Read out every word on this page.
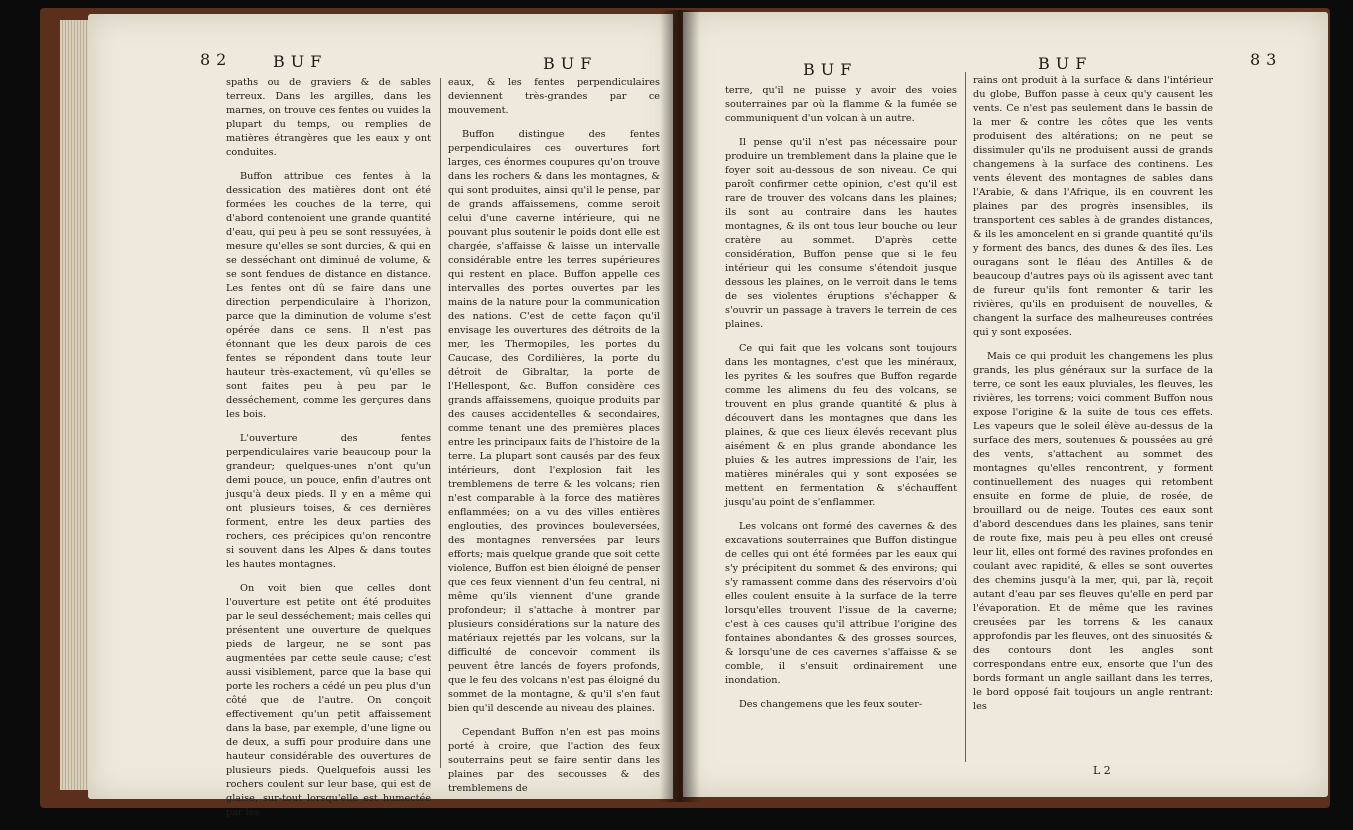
82	BUF	BUF

spaths ou de graviers & de sables terreux. Dans les argilles, dans les marnes, on trouve ces fentes ou vuides la plupart du temps, ou remplies de matières étrangères que les eaux y ont conduites.

Buffon attribue ces fentes à la dessication des matières dont ont été formées les couches de la terre, qui d'abord contenoient une grande quantité d'eau, qui peu à peu se sont ressuyées, à mesure qu'elles se sont durcies, & qui en se desséchant ont diminué de volume, & se sont fendues de distance en distance. Les fentes ont dû se faire dans une direction perpendiculaire à l'horizon, parce que la diminution de volume s'est opérée dans ce sens. Il n'est pas étonnant que les deux parois de ces fentes se répondent dans toute leur hauteur très-exactement, vû qu'elles se sont faites peu à peu par le desséchement, comme les gerçures dans les bois.

L'ouverture des fentes perpendiculaires varie beaucoup pour la grandeur; quelques-unes n'ont qu'un demi pouce, un pouce, enfin d'autres ont jusqu'à deux pieds. Il y en a même qui ont plusieurs toises, & ces dernières forment, entre les deux parties des rochers, ces précipices qu'on rencontre si souvent dans les Alpes & dans toutes les hautes montagnes.

On voit bien que celles dont l'ouverture est petite ont été produites par le seul desséchement; mais celles qui présentent une ouverture de quelques pieds de largeur, ne se sont pas augmentées par cette seule cause; c'est aussi visiblement, parce que la base qui porte les rochers a cédé un peu plus d'un côté que de l'autre. On conçoit effectivement qu'un petit affaissement dans la base, par exemple, d'une ligne ou de deux, a suffi pour produire dans une hauteur considérable des ouvertures de plusieurs pieds. Quelquefois aussi les rochers coulent sur leur base, qui est de glaise, sur-tout lorsqu'elle est humectée par les

eaux, & les fentes perpendiculaires deviennent très-grandes par ce mouvement.

Buffon distingue des fentes perpendiculaires ces ouvertures fort larges, ces énormes coupures qu'on trouve dans les rochers & dans les montagnes, & qui sont produites, ainsi qu'il le pense, par de grands affaissemens, comme seroit celui d'une caverne intérieure, qui ne pouvant plus soutenir le poids dont elle est chargée, s'affaisse & laisse un intervalle considérable entre les terres supérieures qui restent en place. Buffon appelle ces intervalles des portes ouvertes par les mains de la nature pour la communication des nations. C'est de cette façon qu'il envisage les ouvertures des détroits de la mer, les Thermopiles, les portes du Caucase, des Cordilières, la porte du détroit de Gibraltar, la porte de l'Hellespont, &c. Buffon considère ces grands affaissemens, quoique produits par des causes accidentelles & secondaires, comme tenant une des premières places entre les principaux faits de l'histoire de la terre. La plupart sont causés par des feux intérieurs, dont l'explosion fait les tremblemens de terre & les volcans; rien n'est comparable à la force des matières enflammées; on a vu des villes entières englouties, des provinces bouleversées, des montagnes renversées par leurs efforts; mais quelque grande que soit cette violence, Buffon est bien éloigné de penser que ces feux viennent d'un feu central, ni même qu'ils viennent d'une grande profondeur; il s'attache à montrer par plusieurs considérations sur la nature des matériaux rejettés par les volcans, sur la difficulté de concevoir comment ils peuvent être lancés de foyers profonds, que le feu des volcans n'est pas éloigné du sommet de la montagne, & qu'il s'en faut bien qu'il descende au niveau des plaines.

Cependant Buffon n'en est pas moins porté à croire, que l'action des feux souterrains peut se faire sentir dans les plaines par des secousses & des tremblemens de

BUF	BUF	83

terre, qu'il ne puisse y avoir des voies souterraines par où la flamme & la fumée se communiquent d'un volcan à un autre.

Il pense qu'il n'est pas nécessaire pour produire un tremblement dans la plaine que le foyer soit au-dessous de son niveau. Ce qui paroît confirmer cette opinion, c'est qu'il est rare de trouver des volcans dans les plaines; ils sont au contraire dans les hautes montagnes, & ils ont tous leur bouche ou leur cratère au sommet. D'après cette considération, Buffon pense que si le feu intérieur qui les consume s'étendoit jusque dessous les plaines, on le verroit dans le tems de ses violentes éruptions s'échapper & s'ouvrir un passage à travers le terrein de ces plaines.

Ce qui fait que les volcans sont toujours dans les montagnes, c'est que les minéraux, les pyrites & les soufres que Buffon regarde comme les alimens du feu des volcans, se trouvent en plus grande quantité & plus à découvert dans les montagnes que dans les plaines, & que ces lieux élevés recevant plus aisément & en plus grande abondance les pluies & les autres impressions de l'air, les matières minérales qui y sont exposées se mettent en fermentation & s'échauffent jusqu'au point de s'enflammer.

Les volcans ont formé des cavernes & des excavations souterraines que Buffon distingue de celles qui ont été formées par les eaux qui s'y précipitent du sommet & des environs; qui s'y ramassent comme dans des réservoirs d'où elles coulent ensuite à la surface de la terre lorsqu'elles trouvent l'issue de la caverne; c'est à ces causes qu'il attribue l'origine des fontaines abondantes & des grosses sources, & lorsqu'une de ces cavernes s'affaisse & se comble, il s'ensuit ordinairement une inondation.

Des changemens que les feux souter-

rains ont produit à la surface & dans l'intérieur du globe, Buffon passe à ceux qu'y causent les vents. Ce n'est pas seulement dans le bassin de la mer & contre les côtes que les vents produisent des altérations; on ne peut se dissimuler qu'ils ne produisent aussi de grands changemens à la surface des continens. Les vents élevent des montagnes de sables dans l'Arabie, & dans l'Afrique, ils en couvrent les plaines par des progrès insensibles, ils transportent ces sables à de grandes distances, & ils les amoncelent en si grande quantité qu'ils y forment des bancs, des dunes & des îles. Les ouragans sont le fléau des Antilles & de beaucoup d'autres pays où ils agissent avec tant de fureur qu'ils font remonter & tarir les rivières, qu'ils en produisent de nouvelles, & changent la surface des malheureuses contrées qui y sont exposées.

Mais ce qui produit les changemens les plus grands, les plus généraux sur la surface de la terre, ce sont les eaux pluviales, les fleuves, les rivières, les torrens; voici comment Buffon nous expose l'origine & la suite de tous ces effets. Les vapeurs que le soleil élève au-dessus de la surface des mers, soutenues & poussées au gré des vents, s'attachent au sommet des montagnes qu'elles rencontrent, y forment continuellement des nuages qui retombent ensuite en forme de pluie, de rosée, de brouillard ou de neige. Toutes ces eaux sont d'abord descendues dans les plaines, sans tenir de route fixe, mais peu à peu elles ont creusé leur lit, elles ont formé des ravines profondes en coulant avec rapidité, & elles se sont ouvertes des chemins jusqu'à la mer, qui, par là, reçoit autant d'eau par ses fleuves qu'elle en perd par l'évaporation. Et de même que les ravines creusées par les torrens & les canaux approfondis par les fleuves, ont des sinuosités & des contours dont les angles sont correspondans entre eux, ensorte que l'un des bords formant un angle saillant dans les terres, le bord opposé fait toujours un angle rentrant: les

L 2
